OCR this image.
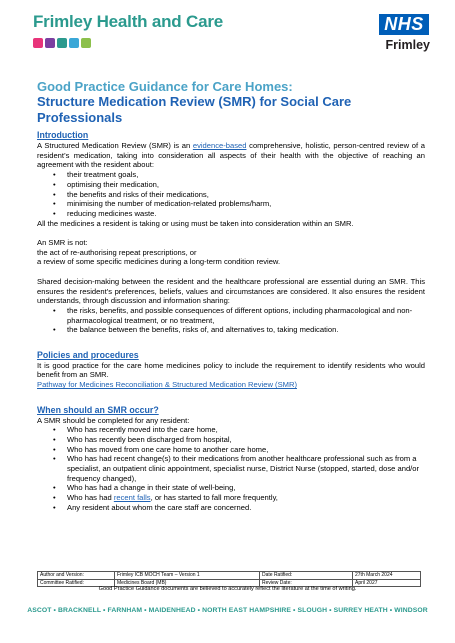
Frimley Health and Care	NHS
Frimley
Good Practice Guidance for Care Homes:
Structure Medication Review (SMR) for Social Care
Professionals
Introduction

A Structured Medication Review (SMR) is an evidence-based comprehensive, holistic, person-centred review of a resident’s medication, taking into consideration all aspects of their health with the objective of reaching an agreement with the resident about:

• their treatment goals,
• optimising their medication,
• the benefits and risks of their medications,
• minimising the number of medication-related problems/harm,
• reducing medicines waste.

All the medicines a resident is taking or using must be taken into consideration within an SMR.

An SMR is not:

the act of re-authorising repeat prescriptions, or

a review of some specific medicines during a long-term condition review.

Shared decision-making between the resident and the healthcare professional are essential during an SMR. This ensures the resident’s preferences, beliefs, values and circumstances are considered. It also ensures the resident understands, through discussion and information sharing:

• the risks, benefits, and possible consequences of different options, including pharmacological and non-pharmacological treatment, or no treatment,
• the balance between the benefits, risks of, and alternatives to, taking medication.
Policies and procedures

It is good practice for the care home medicines policy to include the requirement to identify residents who would benefit from an SMR.

Pathway for Medicines Reconciliation & Structured Medication Review (SMR)

When should an SMR occur?

A SMR should be completed for any resident:

• Who has recently moved into the care home,
• Who has recently been discharged from hospital,
• Who has moved from one care home to another care home,
• Who has had recent change(s) to their medications from another healthcare professional such as from a specialist, an outpatient clinic appointment, specialist nurse, District Nurse (stopped, started, dose and/or frequency changed),
• Who has had a change in their state of well-being,
• Who has had recent falls, or has started to fall more frequently,
• Any resident about whom the care staff are concerned.
Author and Version:	Frimley ICB MOCH Team – Version 1	Date Ratified:	27th March 2024
Committee Ratified:	Medicines Board (MB)	Review Date:	April 2027
Good Practice Guidance documents are believed to accurately reflect the literature at the time of writing.
ASCOT • BRACKNELL • FARNHAM • MAIDENHEAD • NORTH EAST HAMPSHIRE • SLOUGH • SURREY HEATH • WINDSOR
